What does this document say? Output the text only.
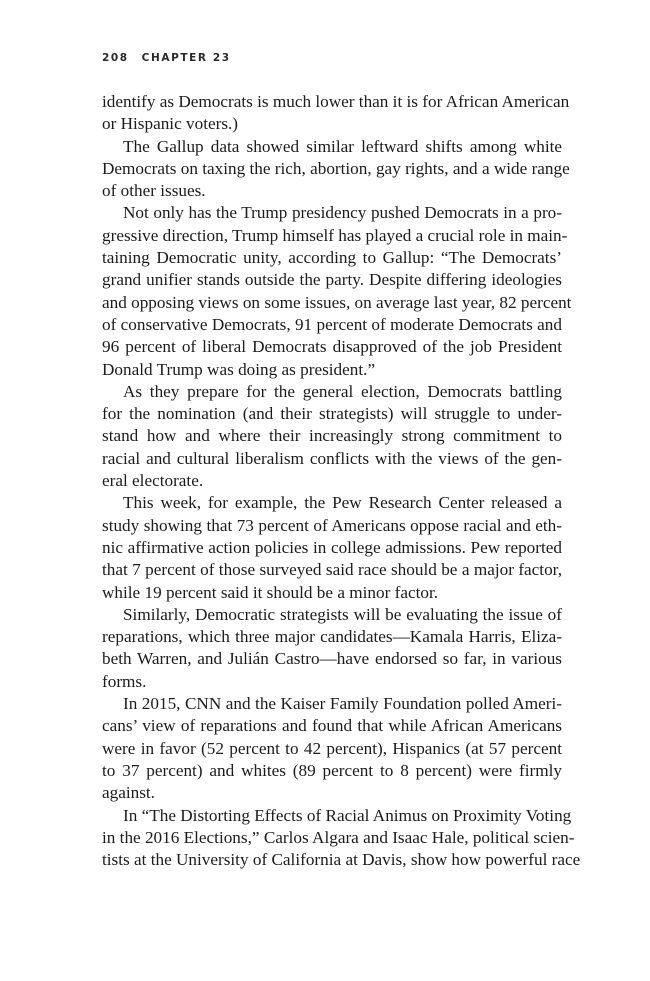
208 CHAPTER 23
identify as Democrats is much lower than it is for African American
or Hispanic voters.)
The Gallup data showed similar leftward shifts among white
Democrats on taxing the rich, abortion, gay rights, and a wide range
of other issues.
Not only has the Trump presidency pushed Democrats in a pro-
gressive direction, Trump himself has played a crucial role in main-
taining Democratic unity, according to Gallup: “The Democrats’
grand unifier stands outside the party. Despite differing ideologies
and opposing views on some issues, on average last year, 82 percent
of conservative Democrats, 91 percent of moderate Democrats and
96 percent of liberal Democrats disapproved of the job President
Donald Trump was doing as president.”
As they prepare for the general election, Democrats battling
for the nomination (and their strategists) will struggle to under-
stand how and where their increasingly strong commitment to
racial and cultural liberalism conflicts with the views of the gen-
eral electorate.
This week, for example, the Pew Research Center released a
study showing that 73 percent of Americans oppose racial and eth-
nic affirmative action policies in college admissions. Pew reported
that 7 percent of those surveyed said race should be a major factor,
while 19 percent said it should be a minor factor.
Similarly, Democratic strategists will be evaluating the issue of
reparations, which three major candidates—Kamala Harris, Eliza-
beth Warren, and Julián Castro—have endorsed so far, in various
forms.
In 2015, CNN and the Kaiser Family Foundation polled Ameri-
cans’ view of reparations and found that while African Americans
were in favor (52 percent to 42 percent), Hispanics (at 57 percent
to 37 percent) and whites (89 percent to 8 percent) were firmly
against.
In “The Distorting Effects of Racial Animus on Proximity Voting
in the 2016 Elections,” Carlos Algara and Isaac Hale, political scien-
tists at the University of California at Davis, show how powerful race
